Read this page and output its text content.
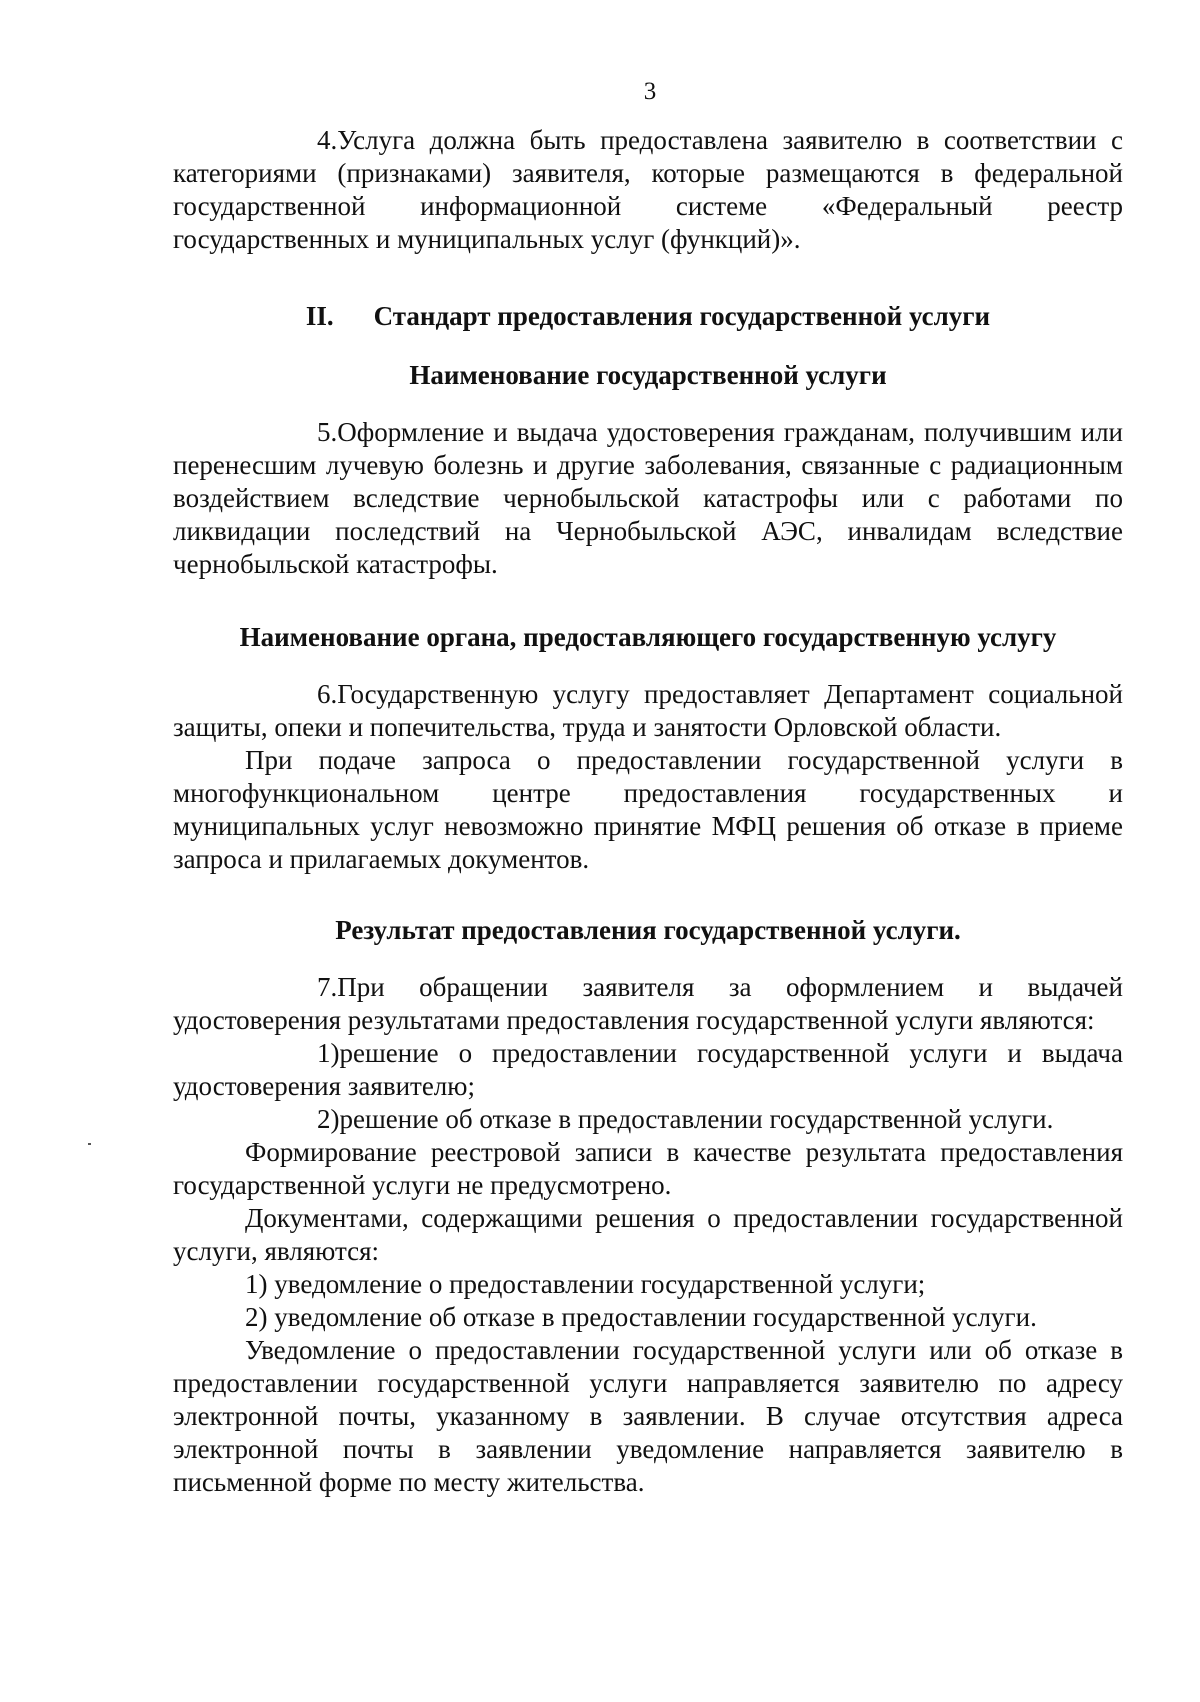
3

4.Услуга должна быть предоставлена заявителю в соответствии с категориями (признаками) заявителя, которые размещаются в федеральной государственной информационной системе «Федеральный реестр государственных и муниципальных услуг (функций)».

II. Стандарт предоставления государственной услуги
Наименование государственной услуги

5.Оформление и выдача удостоверения гражданам, получившим или перенесшим лучевую болезнь и другие заболевания, связанные с радиационным воздействием вследствие чернобыльской катастрофы или с работами по ликвидации последствий на Чернобыльской АЭС, инвалидам вследствие чернобыльской катастрофы.

Наименование органа, предоставляющего государственную услугу

6.Государственную услугу предоставляет Департамент социальной защиты, опеки и попечительства, труда и занятости Орловской области.

При подаче запроса о предоставлении государственной услуги в многофункциональном центре предоставления государственных и муниципальных услуг невозможно принятие МФЦ решения об отказе в приеме запроса и прилагаемых документов.

Результат предоставления государственной услуги.

7.При обращении заявителя за оформлением и выдачей удостоверения результатами предоставления государственной услуги являются:

1)решение о предоставлении государственной услуги и выдача удостоверения заявителю;

2)решение об отказе в предоставлении государственной услуги.

Формирование реестровой записи в качестве результата предоставления государственной услуги не предусмотрено.

Документами, содержащими решения о предоставлении государственной услуги, являются:

1) уведомление о предоставлении государственной услуги;

2) уведомление об отказе в предоставлении государственной услуги.

Уведомление о предоставлении государственной услуги или об отказе в предоставлении государственной услуги направляется заявителю по адресу электронной почты, указанному в заявлении. В случае отсутствия адреса электронной почты в заявлении уведомление направляется заявителю в письменной форме по месту жительства.
